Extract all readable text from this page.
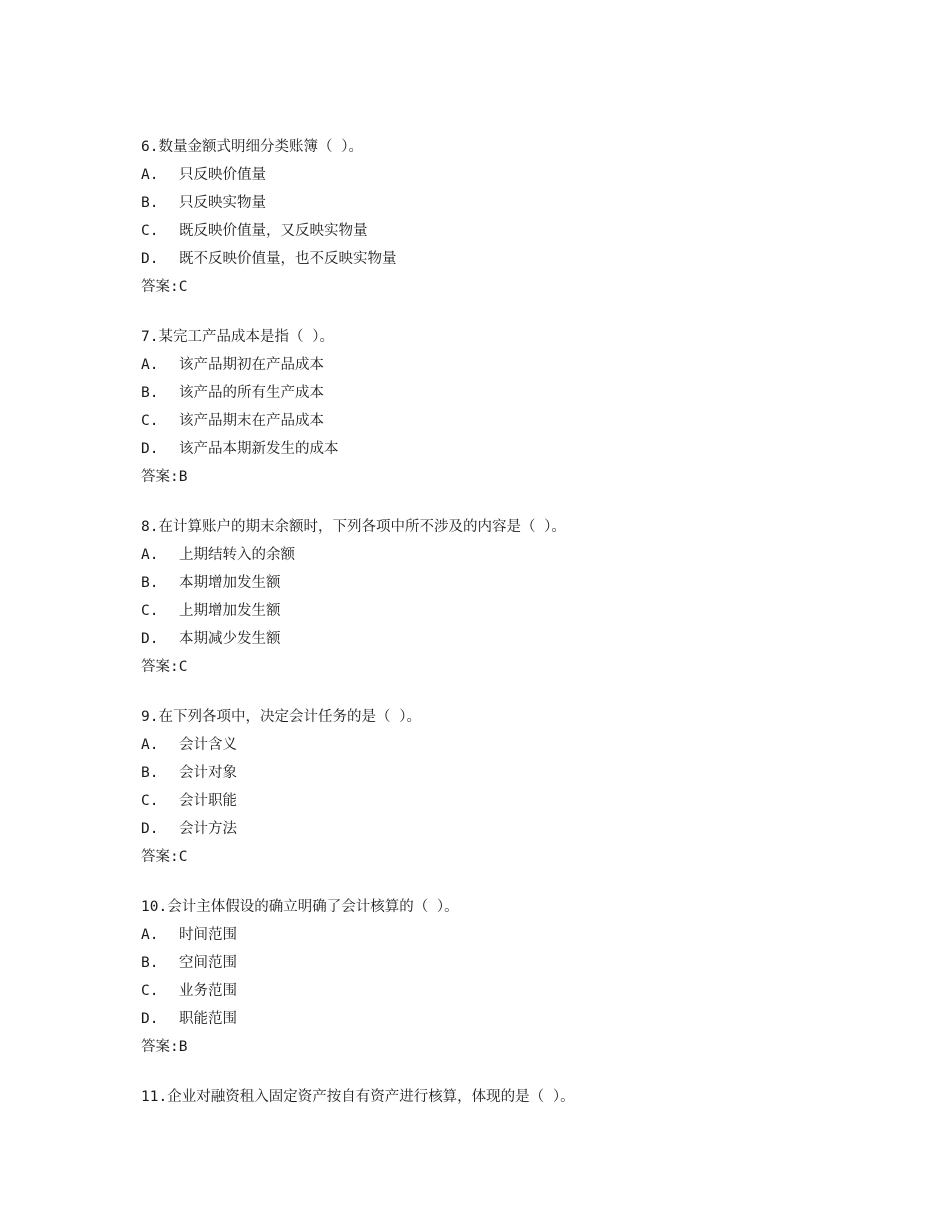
6.数量金额式明细分类账簿（ ）。
A.	只反映价值量
B.	只反映实物量
C.	既反映价值量，又反映实物量
D.	既不反映价值量，也不反映实物量
答案:C
7.某完工产品成本是指（ ）。
A.	该产品期初在产品成本
B.	该产品的所有生产成本
C.	该产品期末在产品成本
D.	该产品本期新发生的成本
答案:B
8.在计算账户的期末余额时，下列各项中所不涉及的内容是（ ）。
A.	上期结转入的余额
B.	本期增加发生额
C.	上期增加发生额
D.	本期减少发生额
答案:C
9.在下列各项中，决定会计任务的是（ ）。
A.	会计含义
B.	会计对象
C.	会计职能
D.	会计方法
答案:C
10.会计主体假设的确立明确了会计核算的（ ）。
A.	时间范围
B.	空间范围
C.	业务范围
D.	职能范围
答案:B
11.企业对融资租入固定资产按自有资产进行核算，体现的是（ ）。
